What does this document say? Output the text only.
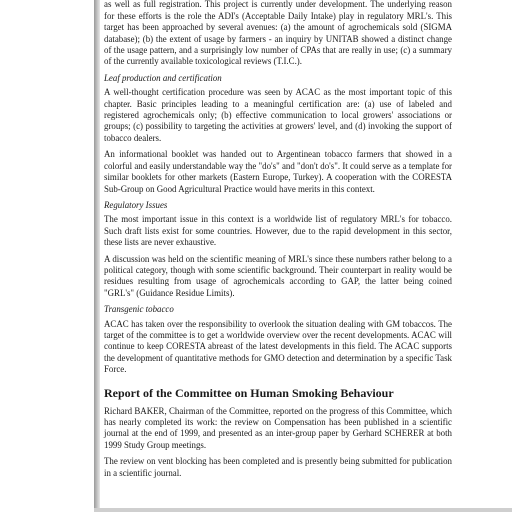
as well as full registration. This project is currently under development. The underlying reason for these efforts is the role the ADI's (Acceptable Daily Intake) play in regulatory MRL's. This target has been approached by several avenues: (a) the amount of agrochemicals sold (SIGMA database); (b) the extent of usage by farmers - an inquiry by UNITAB showed a distinct change of the usage pattern, and a surprisingly low number of CPAs that are really in use; (c) a summary of the currently available toxicological reviews (T.I.C.).

Leaf production and certification

A well-thought certification procedure was seen by ACAC as the most important topic of this chapter. Basic principles leading to a meaningful certification are: (a) use of labeled and registered agrochemicals only; (b) effective communication to local growers' associations or groups; (c) possibility to targeting the activities at growers' level, and (d) invoking the support of tobacco dealers.

An informational booklet was handed out to Argentinean tobacco farmers that showed in a colorful and easily understandable way the "do's" and "don't do's". It could serve as a template for similar booklets for other markets (Eastern Europe, Turkey). A cooperation with the CORESTA Sub-Group on Good Agricultural Practice would have merits in this context.

Regulatory Issues

The most important issue in this context is a worldwide list of regulatory MRL's for tobacco. Such draft lists exist for some countries. However, due to the rapid development in this sector, these lists are never exhaustive.

A discussion was held on the scientific meaning of MRL's since these numbers rather belong to a political category, though with some scientific background. Their counterpart in reality would be residues resulting from usage of agrochemicals according to GAP, the latter being coined "GRL's" (Guidance Residue Limits).

Transgenic tobacco

ACAC has taken over the responsibility to overlook the situation dealing with GM tobaccos. The target of the committee is to get a worldwide overview over the recent developments. ACAC will continue to keep CORESTA abreast of the latest developments in this field. The ACAC supports the development of quantitative methods for GMO detection and determination by a specific Task Force.

Report of the Committee on Human Smoking Behaviour

Richard BAKER, Chairman of the Committee, reported on the progress of this Committee, which has nearly completed its work: the review on Compensation has been published in a scientific journal at the end of 1999, and presented as an inter-group paper by Gerhard SCHERER at both 1999 Study Group meetings.

The review on vent blocking has been completed and is presently being submitted for publication in a scientific journal.
